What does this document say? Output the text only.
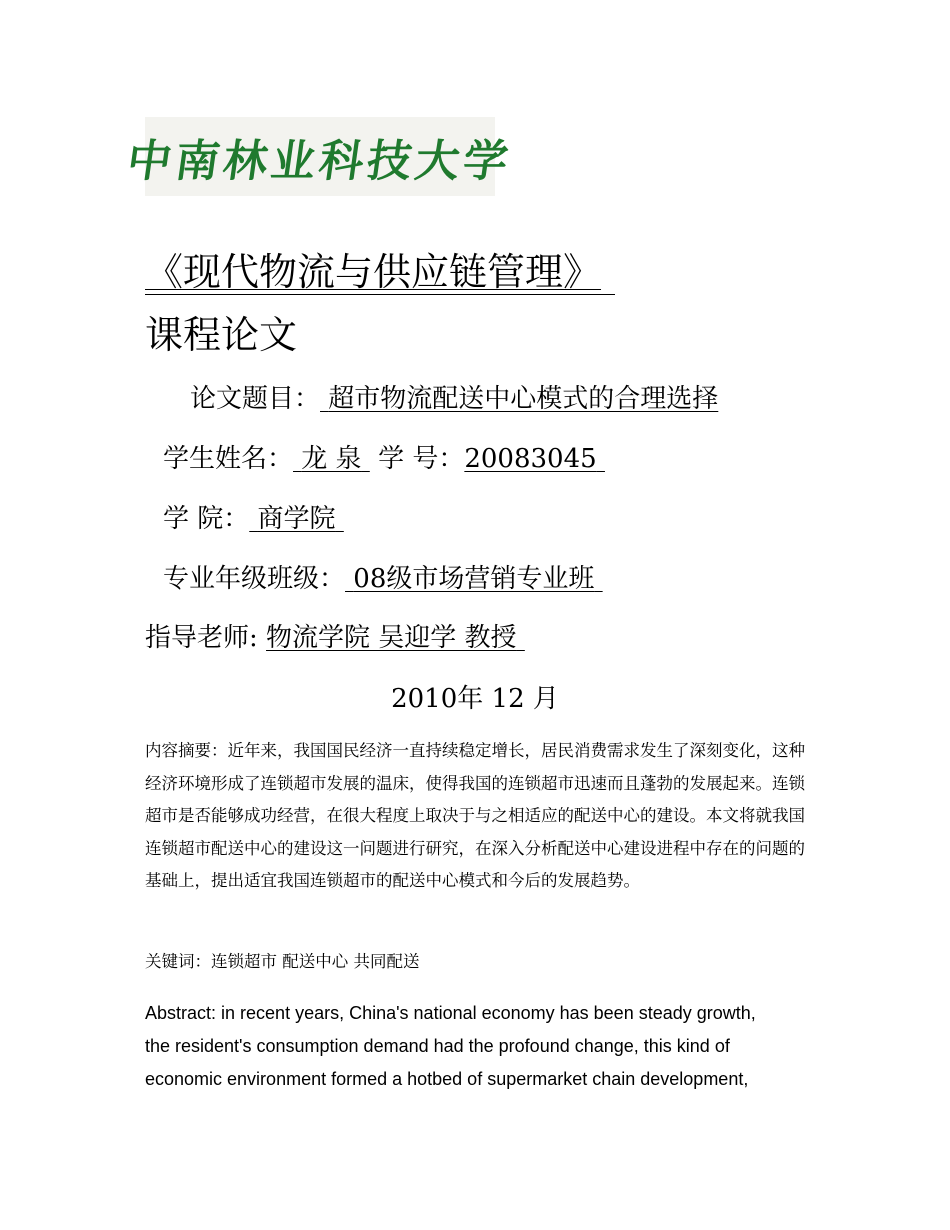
中南林业科技大学
《现代物流与供应链管理》
课程论文
论文题目： 超市物流配送中心模式的合理选择
学生姓名： 龙 泉 学 号：20083045
学 院： 商学院
专业年级班级： 08级市场营销专业班
指导老师: 物流学院 吴迎学 教授
2010年 12 月

内容摘要：近年来，我国国民经济一直持续稳定增长，居民消费需求发生了深刻变化，这种经济环境形成了连锁超市发展的温床，使得我国的连锁超市迅速而且蓬勃的发展起来。连锁超市是否能够成功经营，在很大程度上取决于与之相适应的配送中心的建设。本文将就我国连锁超市配送中心的建设这一问题进行研究，在深入分析配送中心建设进程中存在的问题的基础上，提出适宜我国连锁超市的配送中心模式和今后的发展趋势。

关键词：连锁超市 配送中心 共同配送

Abstract: in recent years, China's national economy has been steady growth,
the resident's consumption demand had the profound change, this kind of
economic environment formed a hotbed of supermarket chain development,
